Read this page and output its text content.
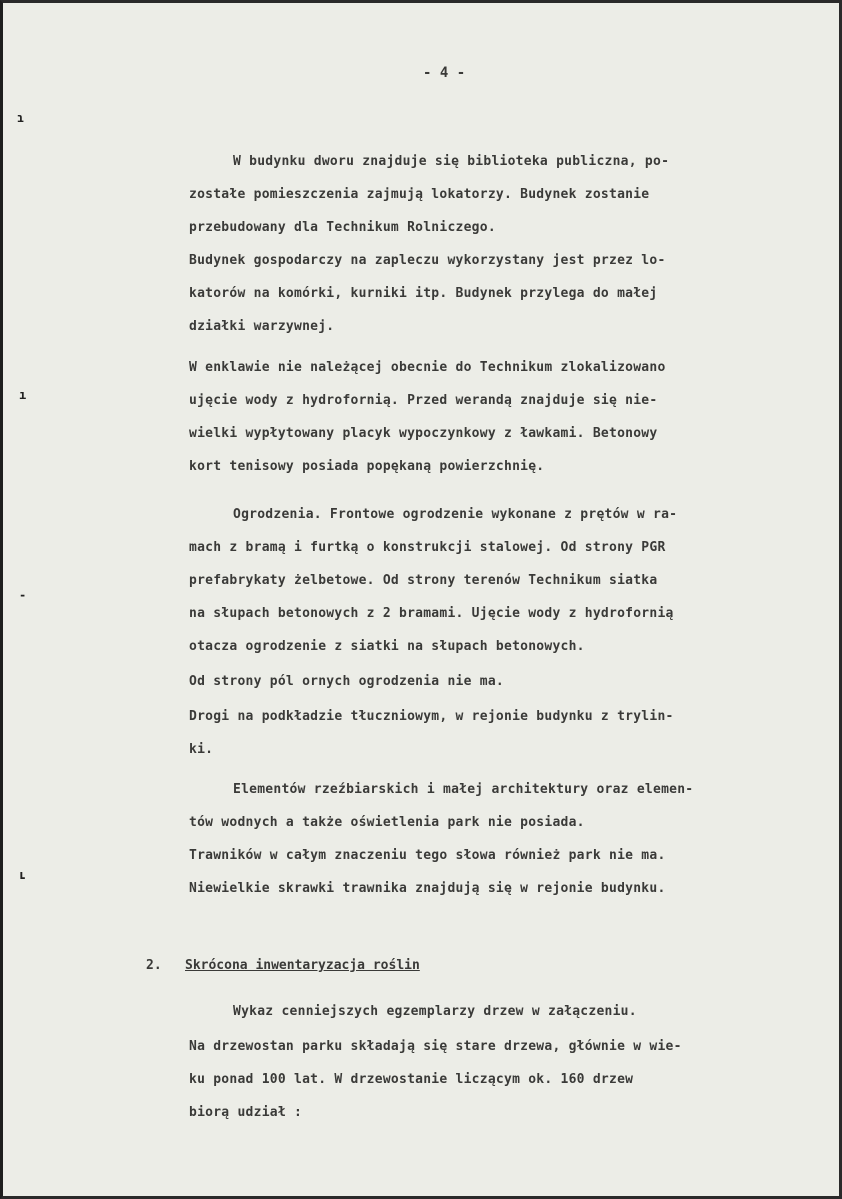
- 4 -
ɿ
ı
-
ʟ
W budynku dworu znajduje się biblioteka publiczna, po-
zostałe pomieszczenia zajmują lokatorzy. Budynek zostanie
przebudowany dla Technikum Rolniczego.
Budynek gospodarczy na zapleczu wykorzystany jest przez lo-
katorów na komórki, kurniki itp. Budynek przylega do małej
działki warzywnej.
W enklawie nie należącej obecnie do Technikum zlokalizowano
ujęcie wody z hydrofornią. Przed werandą znajduje się nie-
wielki wypłytowany placyk wypoczynkowy z ławkami. Betonowy
kort tenisowy posiada popękaną powierzchnię.
Ogrodzenia. Frontowe ogrodzenie wykonane z prętów w ra-
mach z bramą i furtką o konstrukcji stalowej. Od strony PGR
prefabrykaty żelbetowe. Od strony terenów Technikum siatka
na słupach betonowych z 2 bramami. Ujęcie wody z hydrofornią
otacza ogrodzenie z siatki na słupach betonowych.
Od strony pól ornych ogrodzenia nie ma.
Drogi na podkładzie tłuczniowym, w rejonie budynku z trylin-
ki.
Elementów rzeźbiarskich i małej architektury oraz elemen-
tów wodnych a także oświetlenia park nie posiada.
Trawników w całym znaczeniu tego słowa również park nie ma.
Niewielkie skrawki trawnika znajdują się w rejonie budynku.
2. Skrócona inwentaryzacja roślin
Wykaz cenniejszych egzemplarzy drzew w załączeniu.
Na drzewostan parku składają się stare drzewa, głównie w wie-
ku ponad 100 lat. W drzewostanie liczącym ok. 160 drzew
biorą udział :
